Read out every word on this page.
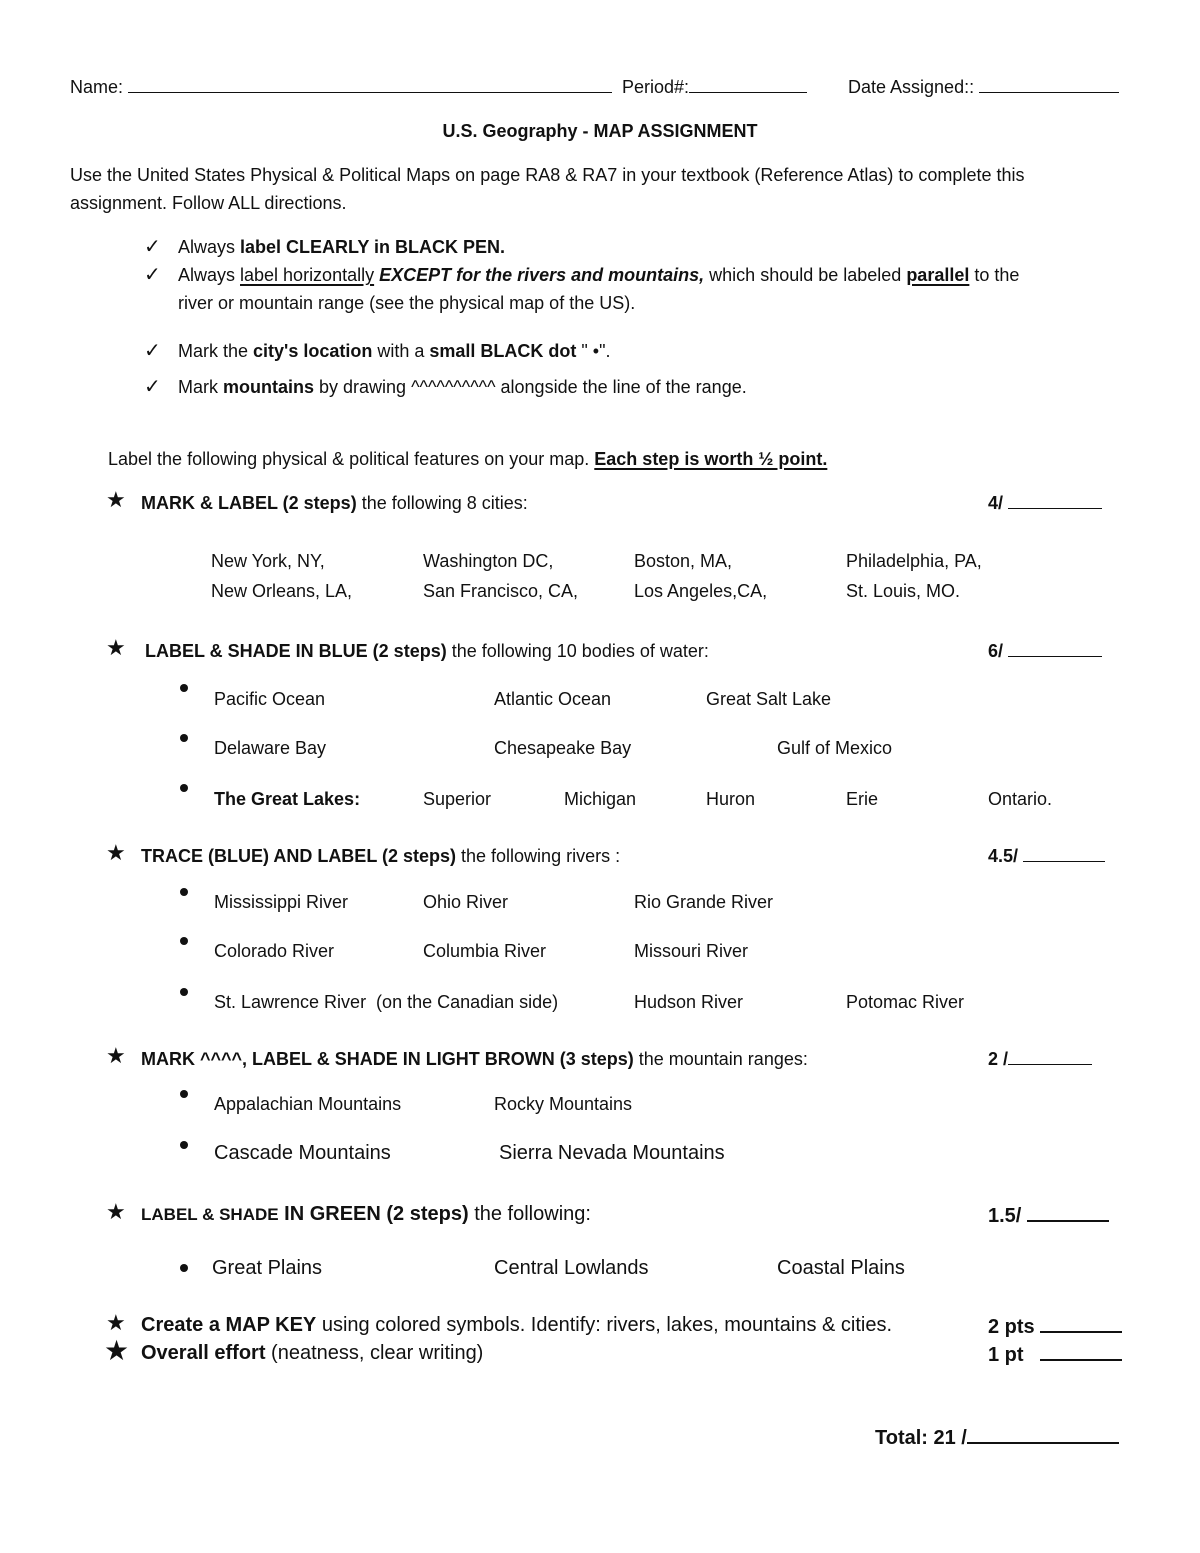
Name:	Period#:	Date Assigned::
U.S. Geography - MAP ASSIGNMENT
Use the United States Physical & Political Maps on page RA8 & RA7 in your textbook (Reference Atlas) to complete this
assignment. Follow ALL directions.
✓ Always label CLEARLY in BLACK PEN.
✓ Always label horizontally EXCEPT for the rivers and mountains, which should be labeled parallel to the
river or mountain range (see the physical map of the US).
✓ Mark the city's location with a small BLACK dot " •".
✓ Mark mountains by drawing ^^^^^^^^^^ alongside the line of the range.
Label the following physical & political features on your map. Each step is worth ½ point.
★ MARK & LABEL (2 steps) the following 8 cities:	4/
New York, NY,	Washington DC,	Boston, MA,	Philadelphia, PA,
New Orleans, LA,	San Francisco, CA,	Los Angeles,CA,	St. Louis, MO.
★ LABEL & SHADE IN BLUE (2 steps) the following 10 bodies of water:	6/
Pacific Ocean	Atlantic Ocean	Great Salt Lake
Delaware Bay	Chesapeake Bay	Gulf of Mexico
The Great Lakes:	Superior	Michigan	Huron	Erie	Ontario.
★ TRACE (BLUE) AND LABEL (2 steps) the following rivers :	4.5/
Mississippi River	Ohio River	Rio Grande River
Colorado River	Columbia River	Missouri River
St. Lawrence River  (on the Canadian side)	Hudson River	Potomac River
★ MARK ^^^^, LABEL & SHADE IN LIGHT BROWN (3 steps) the mountain ranges:	2 /
Appalachian Mountains	Rocky Mountains
Cascade Mountains	Sierra Nevada Mountains
★ LABEL & SHADE IN GREEN (2 steps) the following:	1.5/
Great Plains	Central Lowlands	Coastal Plains
★ Create a MAP KEY using colored symbols. Identify: rivers, lakes, mountains & cities.	2 pts
★ Overall effort (neatness, clear writing)	1 pt
Total: 21 /
